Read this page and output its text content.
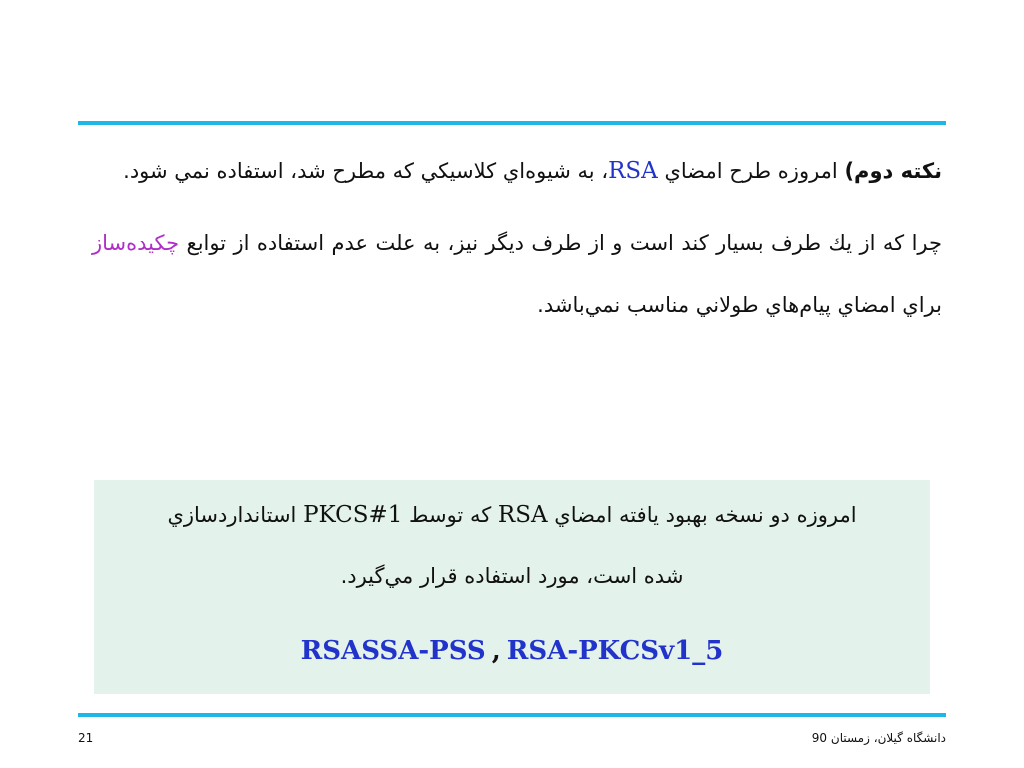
نكته دوم) امروزه طرح امضاي RSA، به شيوه‌اي كلاسيكي كه مطرح شد، استفاده نمي شود.

چرا كه از يك طرف بسيار كند است و از طرف ديگر نيز، به علت عدم استفاده از توابع چكيده‌ساز براي امضاي پيام‌هاي طولاني مناسب نمي‌باشد.

امروزه دو نسخه بهبود يافته امضاي RSA كه توسط PKCS#1 استانداردسازي
شده است، مورد استفاده قرار مي‌گيرد.
RSASSA-PSS , RSA-PKCSv1_5
21	دانشگاه گيلان، زمستان 90
